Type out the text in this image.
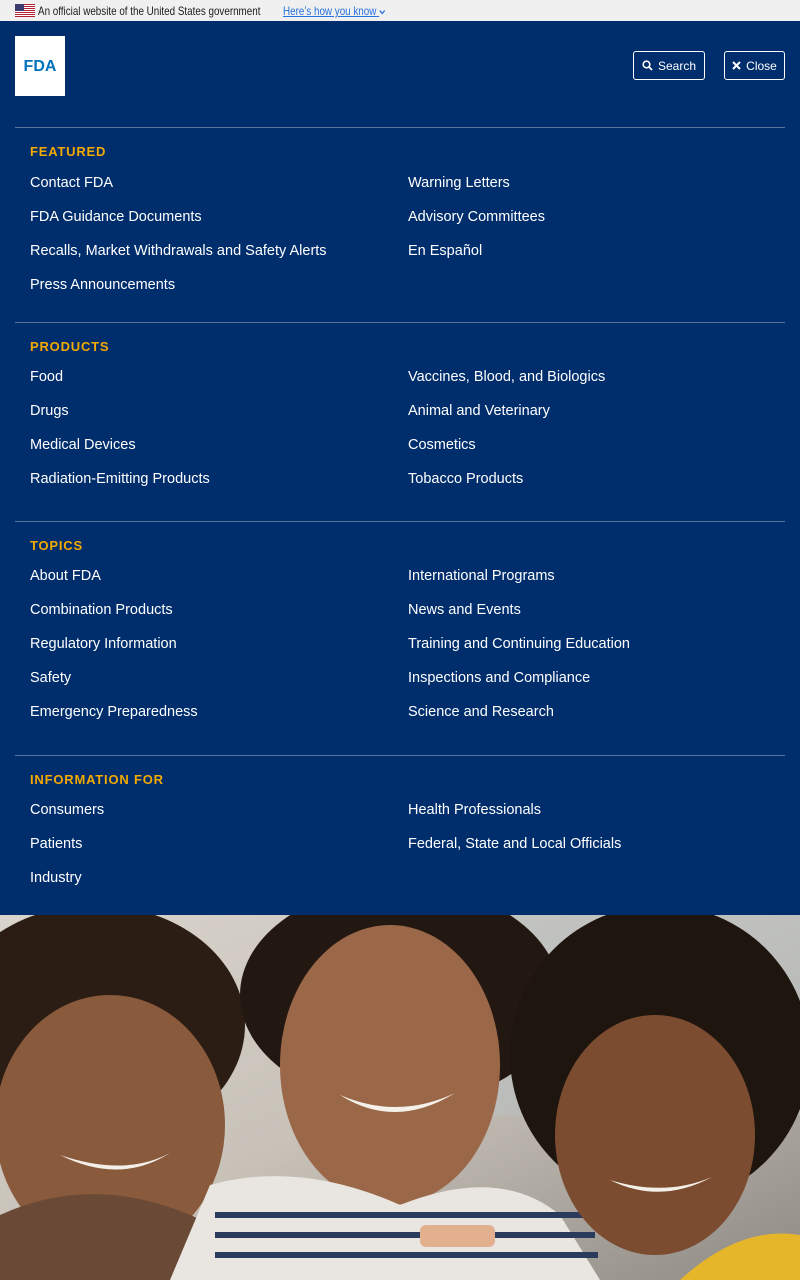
An official website of the United States government Here’s how you know
FDA	Search	Close
FEATURED
Contact FDA
FDA Guidance Documents
Recalls, Market Withdrawals and Safety Alerts
Press Announcements
Warning Letters
Advisory Committees
En Español
PRODUCTS
Food
Drugs
Medical Devices
Radiation-Emitting Products
Vaccines, Blood, and Biologics
Animal and Veterinary
Cosmetics
Tobacco Products
TOPICS
About FDA
Combination Products
Regulatory Information
Safety
Emergency Preparedness
International Programs
News and Events
Training and Continuing Education
Inspections and Compliance
Science and Research
INFORMATION FOR
Consumers
Patients
Industry
Health Professionals
Federal, State and Local Officials
